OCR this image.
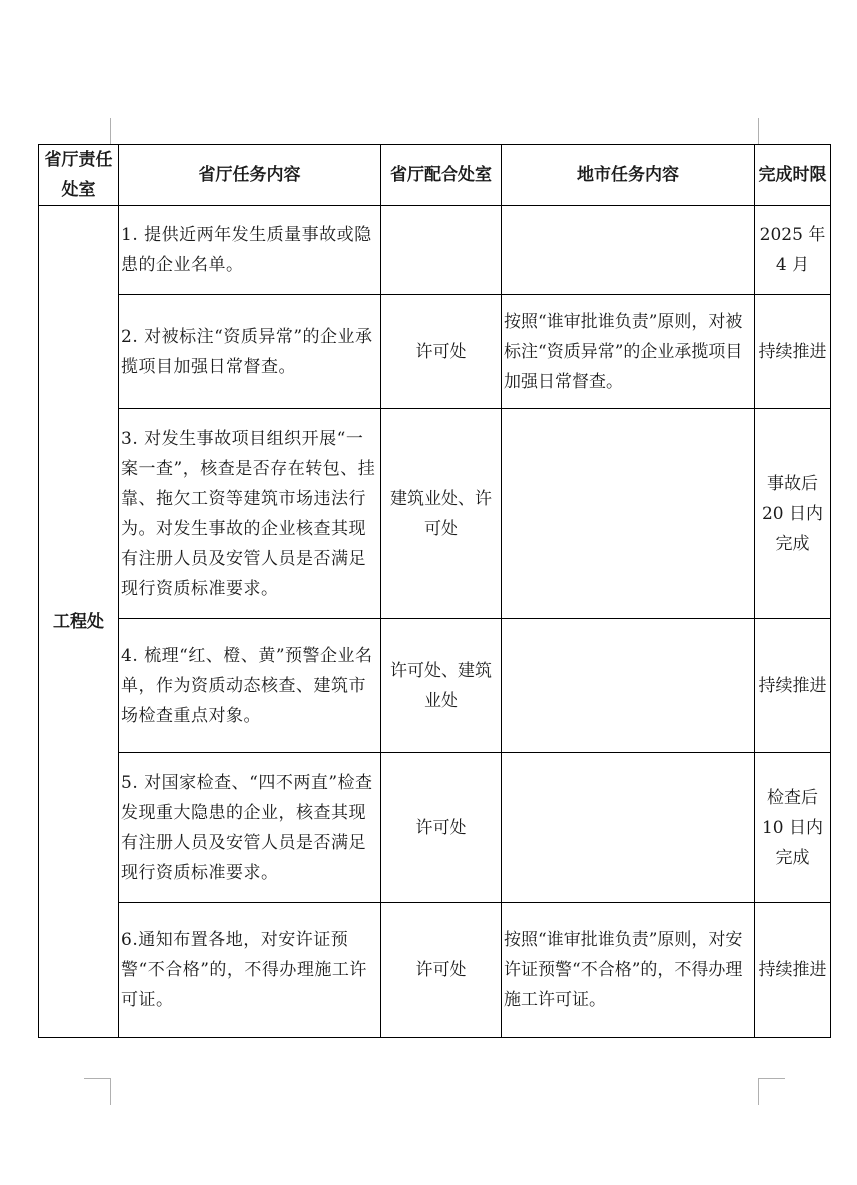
省厅责任处室	省厅任务内容	省厅配合处室	地市任务内容	完成时限
工程处	1. 提供近两年发生质量事故或隐患的企业名单。			2025 年 4 月
	2. 对被标注“资质异常”的企业承揽项目加强日常督查。	许可处	按照“谁审批谁负责”原则，对被标注“资质异常”的企业承揽项目加强日常督查。	持续推进
	3. 对发生事故项目组织开展“一案一查”，核查是否存在转包、挂靠、拖欠工资等建筑市场违法行为。对发生事故的企业核查其现有注册人员及安管人员是否满足现行资质标准要求。	建筑业处、许可处		事故后 20 日内完成
	4. 梳理“红、橙、黄”预警企业名单，作为资质动态核查、建筑市场检查重点对象。	许可处、建筑业处		持续推进
	5. 对国家检查、“四不两直”检查发现重大隐患的企业，核查其现有注册人员及安管人员是否满足现行资质标准要求。	许可处		检查后 10 日内完成
	6.通知布置各地，对安许证预警“不合格”的，不得办理施工许可证。	许可处	按照“谁审批谁负责”原则，对安许证预警“不合格”的，不得办理施工许可证。	持续推进
